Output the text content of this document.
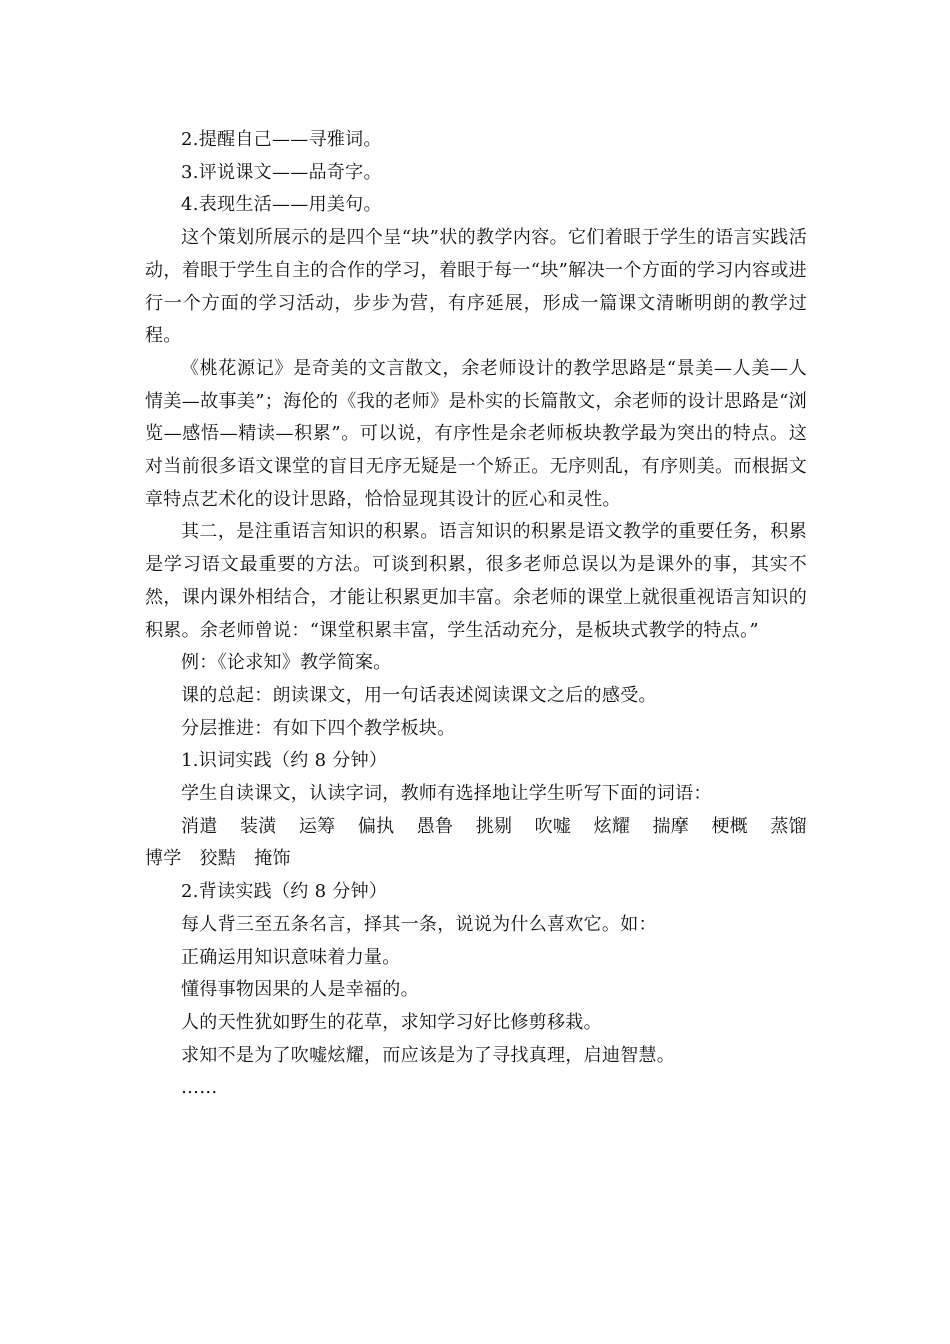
2.提醒自己——寻雅词。

3.评说课文——品奇字。

4.表现生活——用美句。

这个策划所展示的是四个呈“块”状的教学内容。它们着眼于学生的语言实践活动，着眼于学生自主的合作的学习，着眼于每一“块”解决一个方面的学习内容或进行一个方面的学习活动，步步为营，有序延展，形成一篇课文清晰明朗的教学过程。

《桃花源记》是奇美的文言散文，余老师设计的教学思路是“景美—人美—人情美—故事美”；海伦的《我的老师》是朴实的长篇散文，余老师的设计思路是“浏览—感悟—精读—积累”。可以说，有序性是余老师板块教学最为突出的特点。这对当前很多语文课堂的盲目无序无疑是一个矫正。无序则乱，有序则美。而根据文章特点艺术化的设计思路，恰恰显现其设计的匠心和灵性。

其二，是注重语言知识的积累。语言知识的积累是语文教学的重要任务，积累是学习语文最重要的方法。可谈到积累，很多老师总误以为是课外的事，其实不然，课内课外相结合，才能让积累更加丰富。余老师的课堂上就很重视语言知识的积累。余老师曾说：“课堂积累丰富，学生活动充分，是板块式教学的特点。”

例：《论求知》教学简案。

课的总起：朗读课文，用一句话表述阅读课文之后的感受。

分层推进：有如下四个教学板块。

1.识词实践（约 8 分钟）

学生自读课文，认读字词，教师有选择地让学生听写下面的词语：

消遣 装潢 运筹 偏执 愚鲁 挑剔 吹嘘 炫耀 揣摩 梗概 蒸馏
博学 狡黠 掩饰

2.背读实践（约 8 分钟）

每人背三至五条名言，择其一条，说说为什么喜欢它。如：

正确运用知识意味着力量。

懂得事物因果的人是幸福的。

人的天性犹如野生的花草，求知学习好比修剪移栽。

求知不是为了吹嘘炫耀，而应该是为了寻找真理，启迪智慧。

……
